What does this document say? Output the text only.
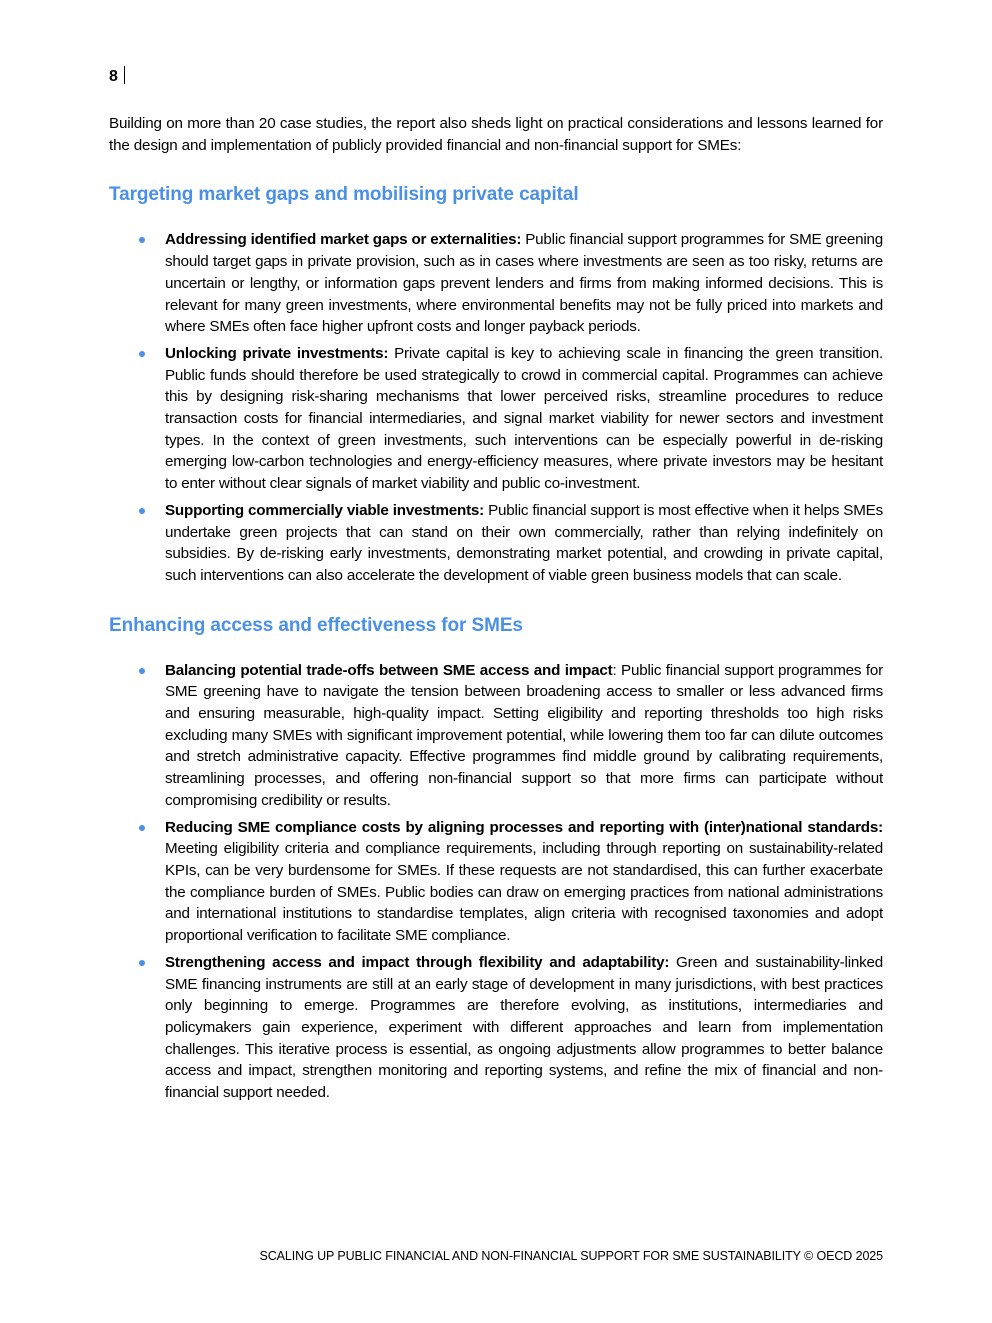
8

Building on more than 20 case studies, the report also sheds light on practical considerations and lessons learned for the design and implementation of publicly provided financial and non-financial support for SMEs:

Targeting market gaps and mobilising private capital
Addressing identified market gaps or externalities: Public financial support programmes for SME greening should target gaps in private provision, such as in cases where investments are seen as too risky, returns are uncertain or lengthy, or information gaps prevent lenders and firms from making informed decisions. This is relevant for many green investments, where environmental benefits may not be fully priced into markets and where SMEs often face higher upfront costs and longer payback periods.
Unlocking private investments: Private capital is key to achieving scale in financing the green transition. Public funds should therefore be used strategically to crowd in commercial capital. Programmes can achieve this by designing risk-sharing mechanisms that lower perceived risks, streamline procedures to reduce transaction costs for financial intermediaries, and signal market viability for newer sectors and investment types. In the context of green investments, such interventions can be especially powerful in de-risking emerging low-carbon technologies and energy-efficiency measures, where private investors may be hesitant to enter without clear signals of market viability and public co-investment.
Supporting commercially viable investments: Public financial support is most effective when it helps SMEs undertake green projects that can stand on their own commercially, rather than relying indefinitely on subsidies. By de-risking early investments, demonstrating market potential, and crowding in private capital, such interventions can also accelerate the development of viable green business models that can scale.
Enhancing access and effectiveness for SMEs
Balancing potential trade-offs between SME access and impact: Public financial support programmes for SME greening have to navigate the tension between broadening access to smaller or less advanced firms and ensuring measurable, high-quality impact. Setting eligibility and reporting thresholds too high risks excluding many SMEs with significant improvement potential, while lowering them too far can dilute outcomes and stretch administrative capacity. Effective programmes find middle ground by calibrating requirements, streamlining processes, and offering non-financial support so that more firms can participate without compromising credibility or results.
Reducing SME compliance costs by aligning processes and reporting with (inter)national standards: Meeting eligibility criteria and compliance requirements, including through reporting on sustainability-related KPIs, can be very burdensome for SMEs. If these requests are not standardised, this can further exacerbate the compliance burden of SMEs. Public bodies can draw on emerging practices from national administrations and international institutions to standardise templates, align criteria with recognised taxonomies and adopt proportional verification to facilitate SME compliance.
Strengthening access and impact through flexibility and adaptability: Green and sustainability-linked SME financing instruments are still at an early stage of development in many jurisdictions, with best practices only beginning to emerge. Programmes are therefore evolving, as institutions, intermediaries and policymakers gain experience, experiment with different approaches and learn from implementation challenges. This iterative process is essential, as ongoing adjustments allow programmes to better balance access and impact, strengthen monitoring and reporting systems, and refine the mix of financial and non-financial support needed.
SCALING UP PUBLIC FINANCIAL AND NON-FINANCIAL SUPPORT FOR SME SUSTAINABILITY © OECD 2025
